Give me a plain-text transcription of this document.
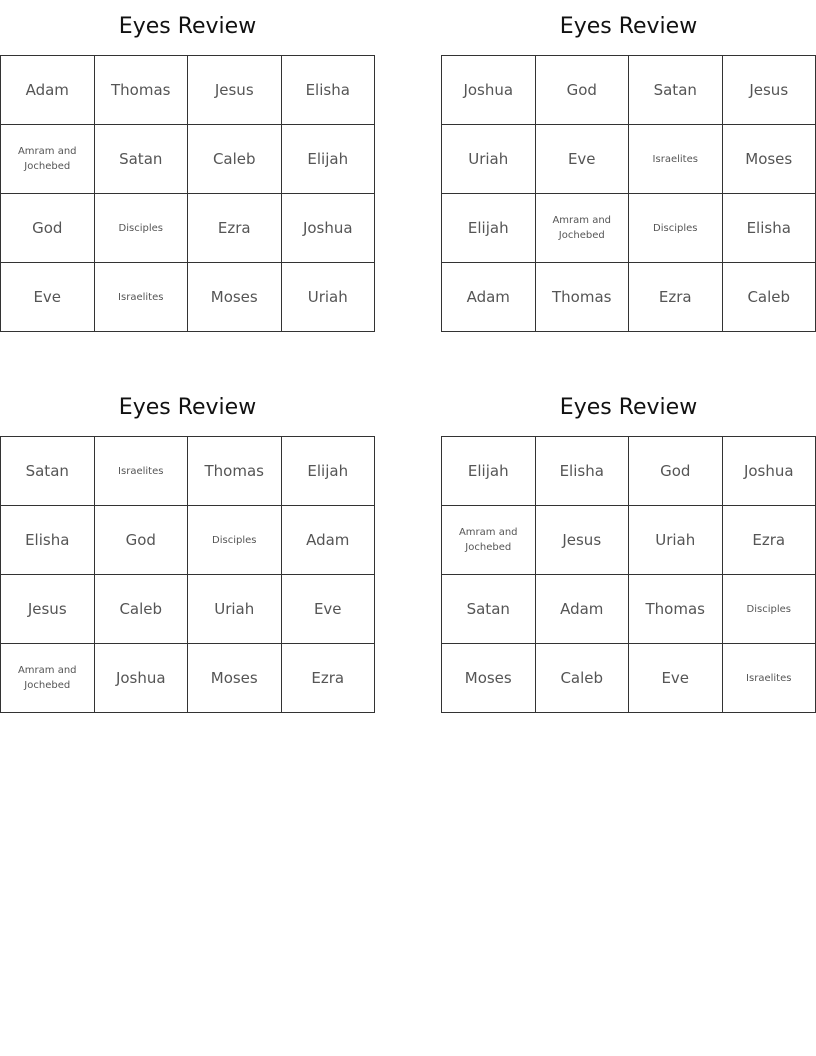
Eyes Review
Adam	Thomas	Jesus	Elisha
Amram and Jochebed	Satan	Caleb	Elijah
God	Disciples	Ezra	Joshua
Eve	Israelites	Moses	Uriah
Eyes Review
Joshua	God	Satan	Jesus
Uriah	Eve	Israelites	Moses
Elijah	Amram and Jochebed	Disciples	Elisha
Adam	Thomas	Ezra	Caleb
Eyes Review
Satan	Israelites	Thomas	Elijah
Elisha	God	Disciples	Adam
Jesus	Caleb	Uriah	Eve
Amram and Jochebed	Joshua	Moses	Ezra
Eyes Review
Elijah	Elisha	God	Joshua
Amram and Jochebed	Jesus	Uriah	Ezra
Satan	Adam	Thomas	Disciples
Moses	Caleb	Eve	Israelites
